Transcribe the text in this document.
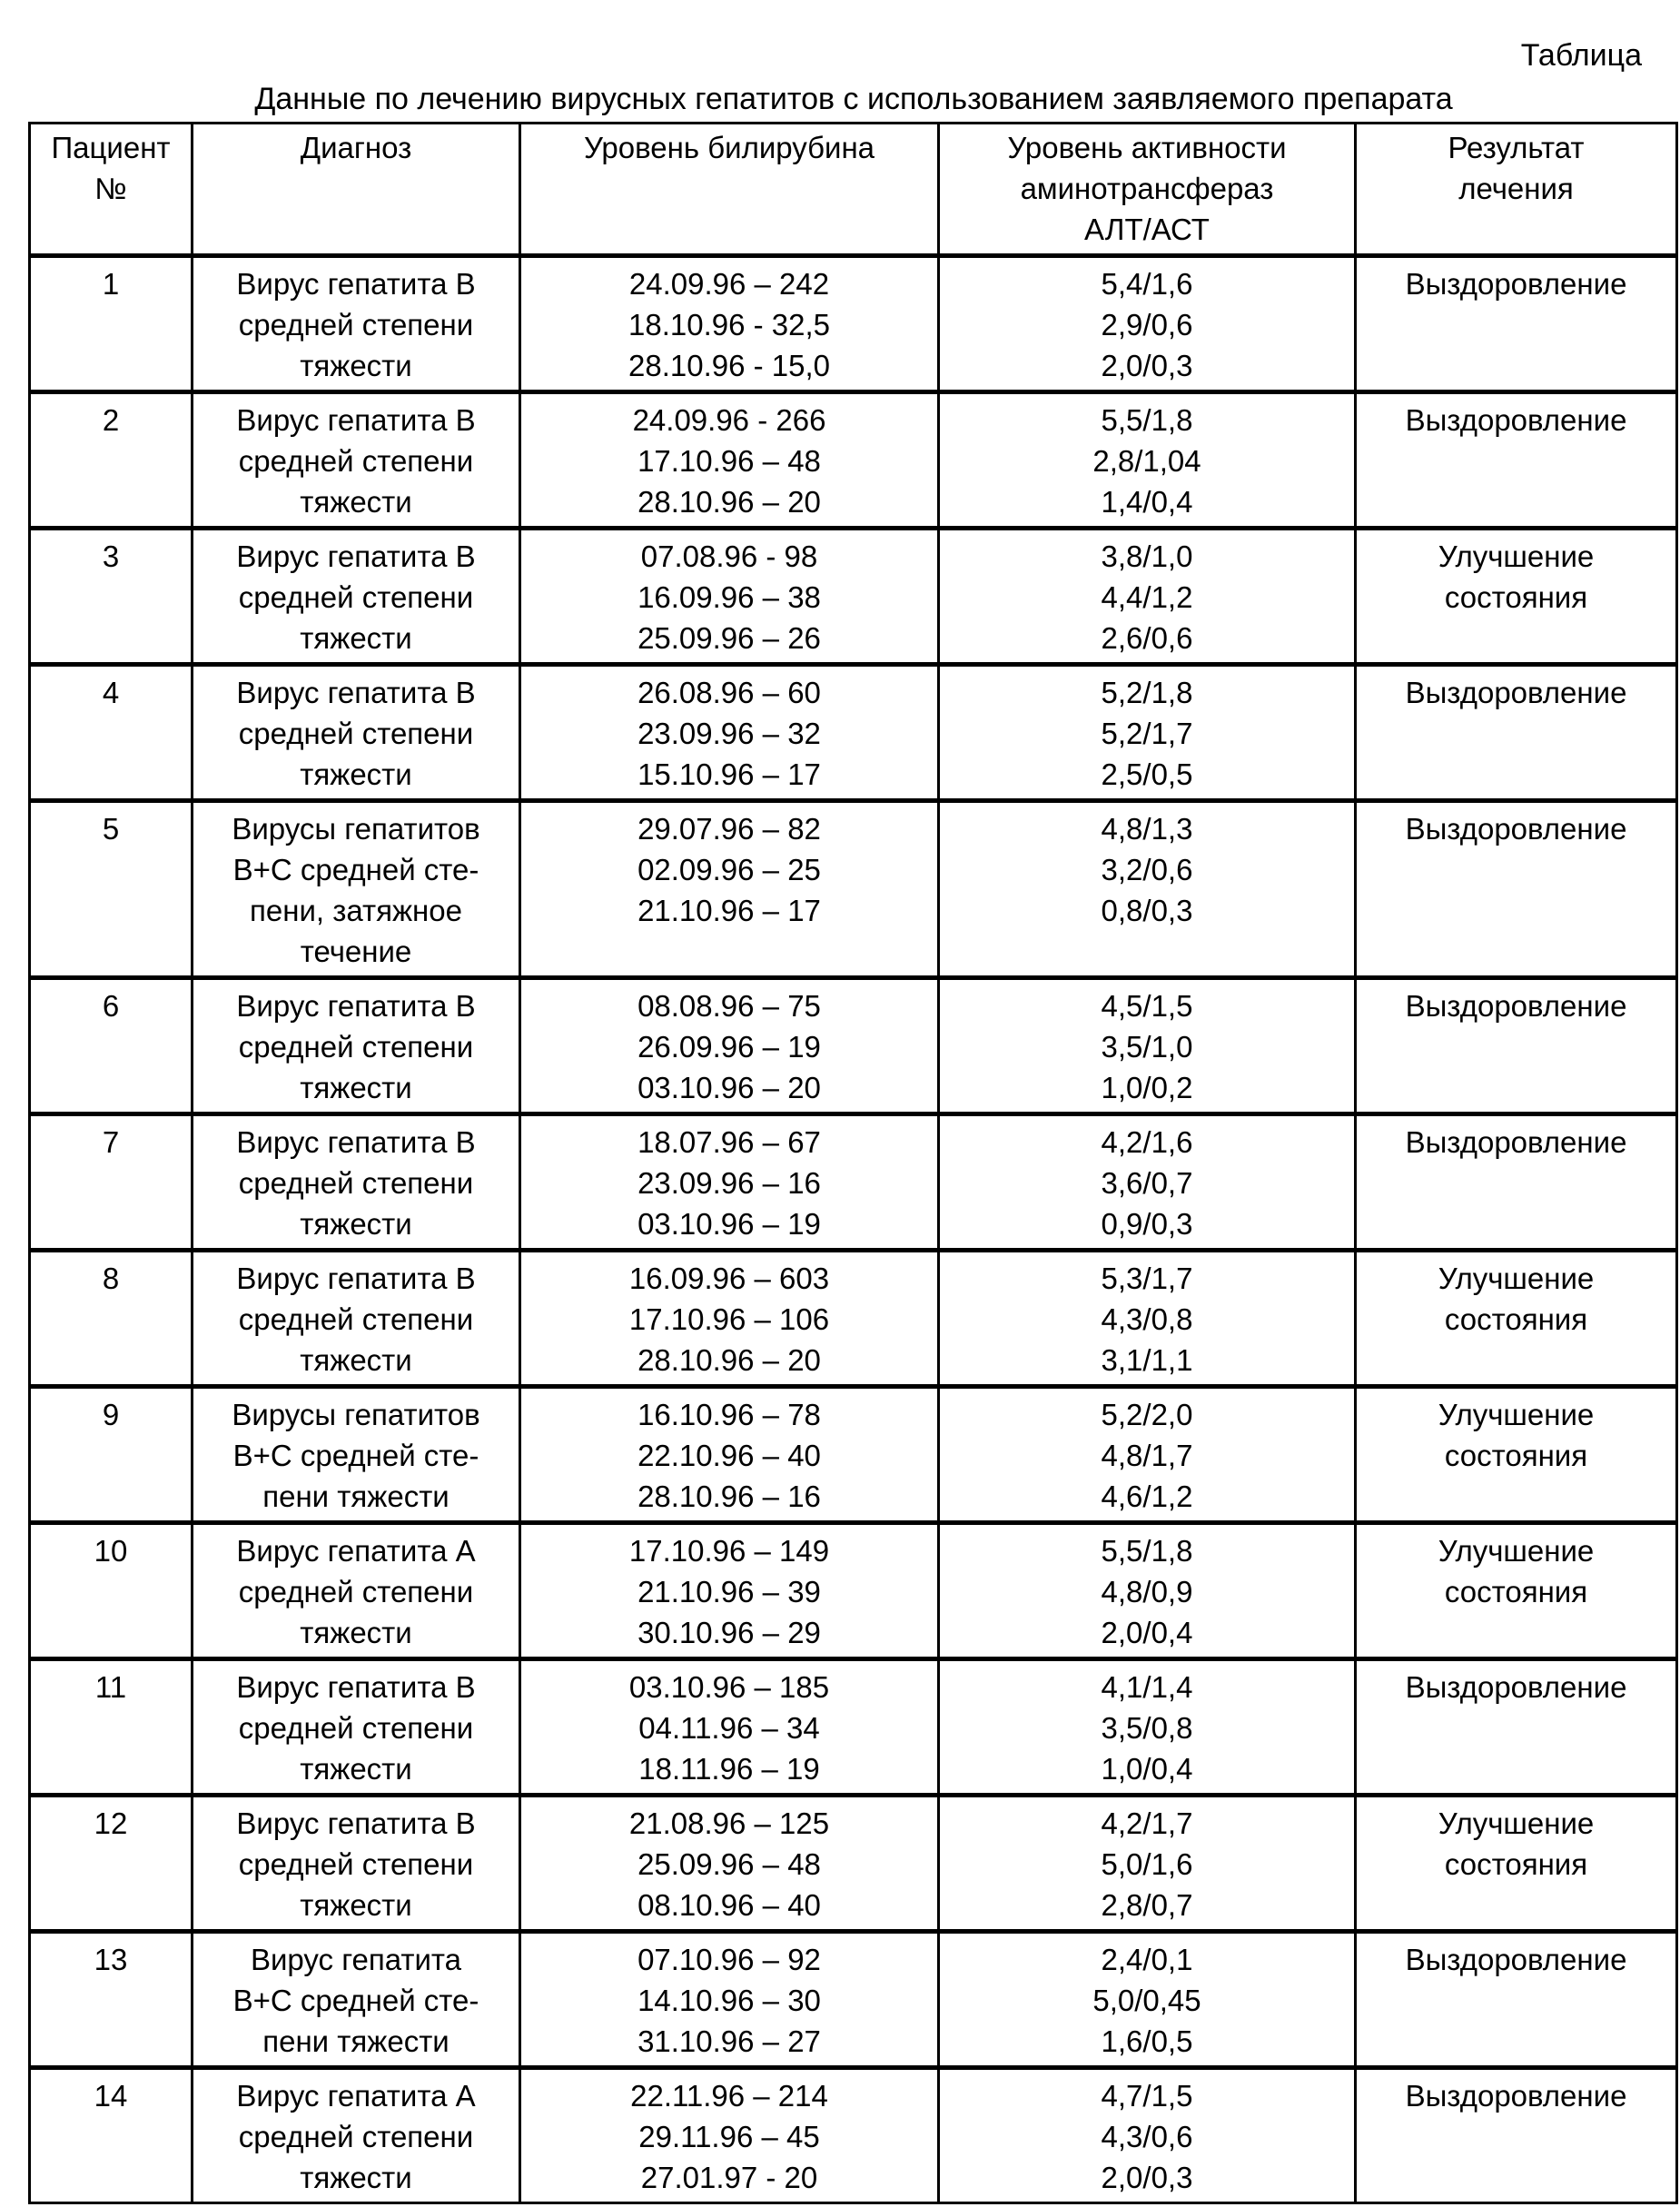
Таблица
Данные по лечению вирусных гепатитов с использованием заявляемого препарата
Пациент
№	Диагноз	Уровень билирубина	Уровень активности
аминотрансфераз
АЛТ/АСТ	Результат
лечения

1	Вирус гепатита В
средней степени
тяжести	24.09.96 – 242
18.10.96 - 32,5
28.10.96 - 15,0	5,4/1,6
2,9/0,6
2,0/0,3	Выздоровление

2	Вирус гепатита В
средней степени
тяжести	24.09.96 - 266
17.10.96 – 48
28.10.96 – 20	5,5/1,8
2,8/1,04
1,4/0,4	Выздоровление

3	Вирус гепатита В
средней степени
тяжести	07.08.96 - 98
16.09.96 – 38
25.09.96 – 26	3,8/1,0
4,4/1,2
2,6/0,6	Улучшение
состояния

4	Вирус гепатита В
средней степени
тяжести	26.08.96 – 60
23.09.96 – 32
15.10.96 – 17	5,2/1,8
5,2/1,7
2,5/0,5	Выздоровление

5	Вирусы гепатитов
В+С средней сте-
пени, затяжное
течение	29.07.96 – 82
02.09.96 – 25
21.10.96 – 17	4,8/1,3
3,2/0,6
0,8/0,3	Выздоровление

6	Вирус гепатита В
средней степени
тяжести	08.08.96 – 75
26.09.96 – 19
03.10.96 – 20	4,5/1,5
3,5/1,0
1,0/0,2	Выздоровление

7	Вирус гепатита В
средней степени
тяжести	18.07.96 – 67
23.09.96 – 16
03.10.96 – 19	4,2/1,6
3,6/0,7
0,9/0,3	Выздоровление

8	Вирус гепатита В
средней степени
тяжести	16.09.96 – 603
17.10.96 – 106
28.10.96 – 20	5,3/1,7
4,3/0,8
3,1/1,1	Улучшение
состояния

9	Вирусы гепатитов
В+С средней сте-
пени тяжести	16.10.96 – 78
22.10.96 – 40
28.10.96 – 16	5,2/2,0
4,8/1,7
4,6/1,2	Улучшение
состояния

10	Вирус гепатита А
средней степени
тяжести	17.10.96 – 149
21.10.96 – 39
30.10.96 – 29	5,5/1,8
4,8/0,9
2,0/0,4	Улучшение
состояния

11	Вирус гепатита В
средней степени
тяжести	03.10.96 – 185
04.11.96 – 34
18.11.96 – 19	4,1/1,4
3,5/0,8
1,0/0,4	Выздоровление

12	Вирус гепатита В
средней степени
тяжести	21.08.96 – 125
25.09.96 – 48
08.10.96 – 40	4,2/1,7
5,0/1,6
2,8/0,7	Улучшение
состояния

13	Вирус гепатита
В+С средней сте-
пени тяжести	07.10.96 – 92
14.10.96 – 30
31.10.96 – 27	2,4/0,1
5,0/0,45
1,6/0,5	Выздоровление

14	Вирус гепатита А
средней степени
тяжести	22.11.96 – 214
29.11.96 – 45
27.01.97 - 20	4,7/1,5
4,3/0,6
2,0/0,3	Выздоровление
